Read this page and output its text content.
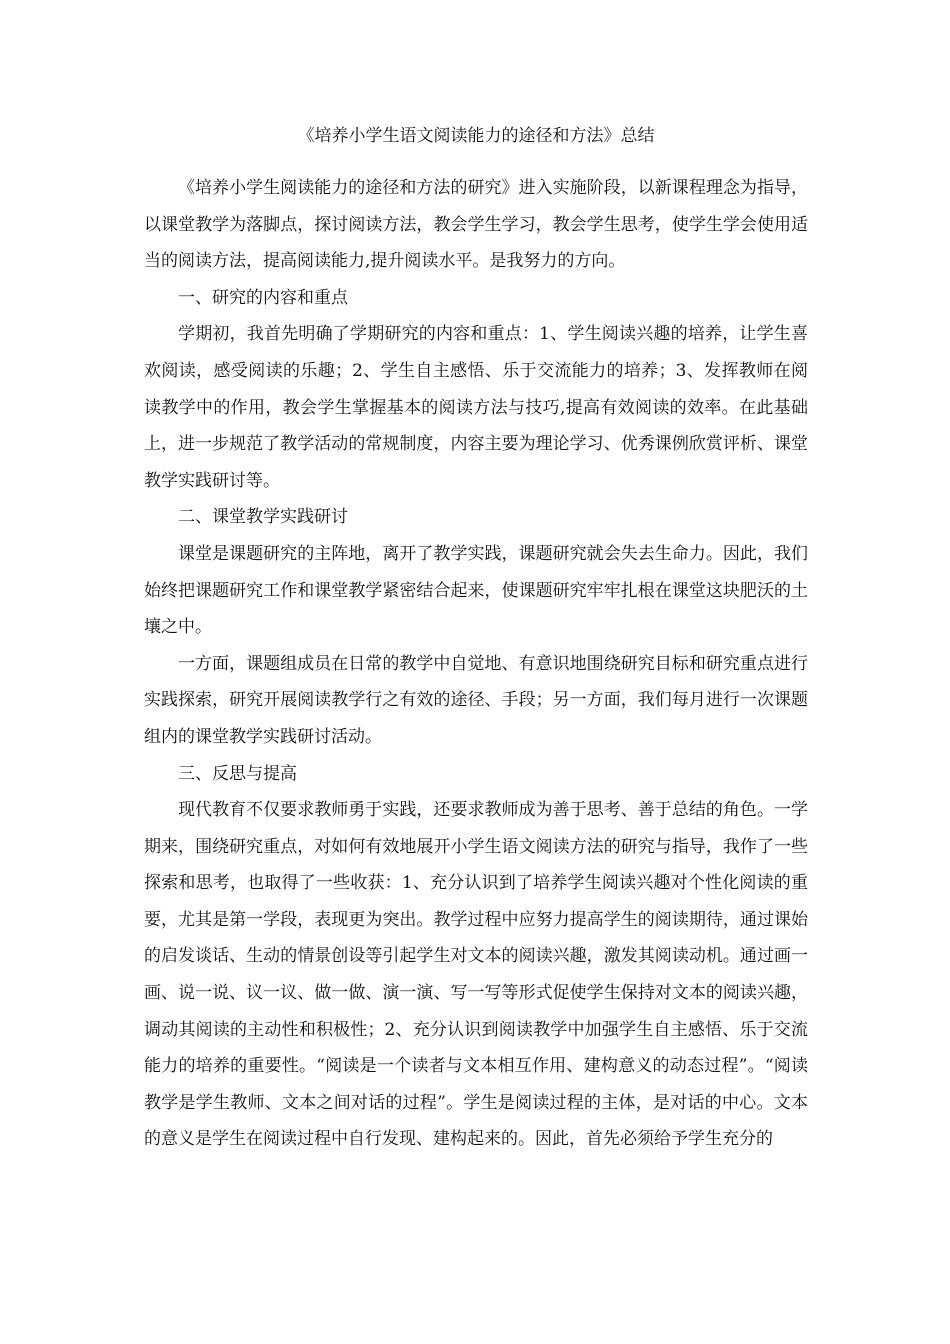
《培养小学生语文阅读能力的途径和方法》总结

《培养小学生阅读能力的途径和方法的研究》进入实施阶段，以新课程理念为指导，以课堂教学为落脚点，探讨阅读方法，教会学生学习，教会学生思考，使学生学会使用适当的阅读方法，提高阅读能力,提升阅读水平。是我努力的方向。

一、研究的内容和重点

学期初，我首先明确了学期研究的内容和重点：1、学生阅读兴趣的培养，让学生喜欢阅读，感受阅读的乐趣；2、学生自主感悟、乐于交流能力的培养；3、发挥教师在阅读教学中的作用，教会学生掌握基本的阅读方法与技巧,提高有效阅读的效率。在此基础上，进一步规范了教学活动的常规制度，内容主要为理论学习、优秀课例欣赏评析、课堂教学实践研讨等。

二、课堂教学实践研讨

课堂是课题研究的主阵地，离开了教学实践，课题研究就会失去生命力。因此，我们始终把课题研究工作和课堂教学紧密结合起来，使课题研究牢牢扎根在课堂这块肥沃的土壤之中。

一方面，课题组成员在日常的教学中自觉地、有意识地围绕研究目标和研究重点进行实践探索，研究开展阅读教学行之有效的途径、手段；另一方面，我们每月进行一次课题组内的课堂教学实践研讨活动。

三、反思与提高

现代教育不仅要求教师勇于实践，还要求教师成为善于思考、善于总结的角色。一学期来，围绕研究重点，对如何有效地展开小学生语文阅读方法的研究与指导，我作了一些探索和思考，也取得了一些收获：1、充分认识到了培养学生阅读兴趣对个性化阅读的重要，尤其是第一学段，表现更为突出。教学过程中应努力提高学生的阅读期待，通过课始的启发谈话、生动的情景创设等引起学生对文本的阅读兴趣，激发其阅读动机。通过画一画、说一说、议一议、做一做、演一演、写一写等形式促使学生保持对文本的阅读兴趣，调动其阅读的主动性和积极性；2、充分认识到阅读教学中加强学生自主感悟、乐于交流能力的培养的重要性。“阅读是一个读者与文本相互作用、建构意义的动态过程”。“阅读教学是学生教师、文本之间对话的过程”。学生是阅读过程的主体，是对话的中心。文本的意义是学生在阅读过程中自行发现、建构起来的。因此，首先必须给予学生充分的
